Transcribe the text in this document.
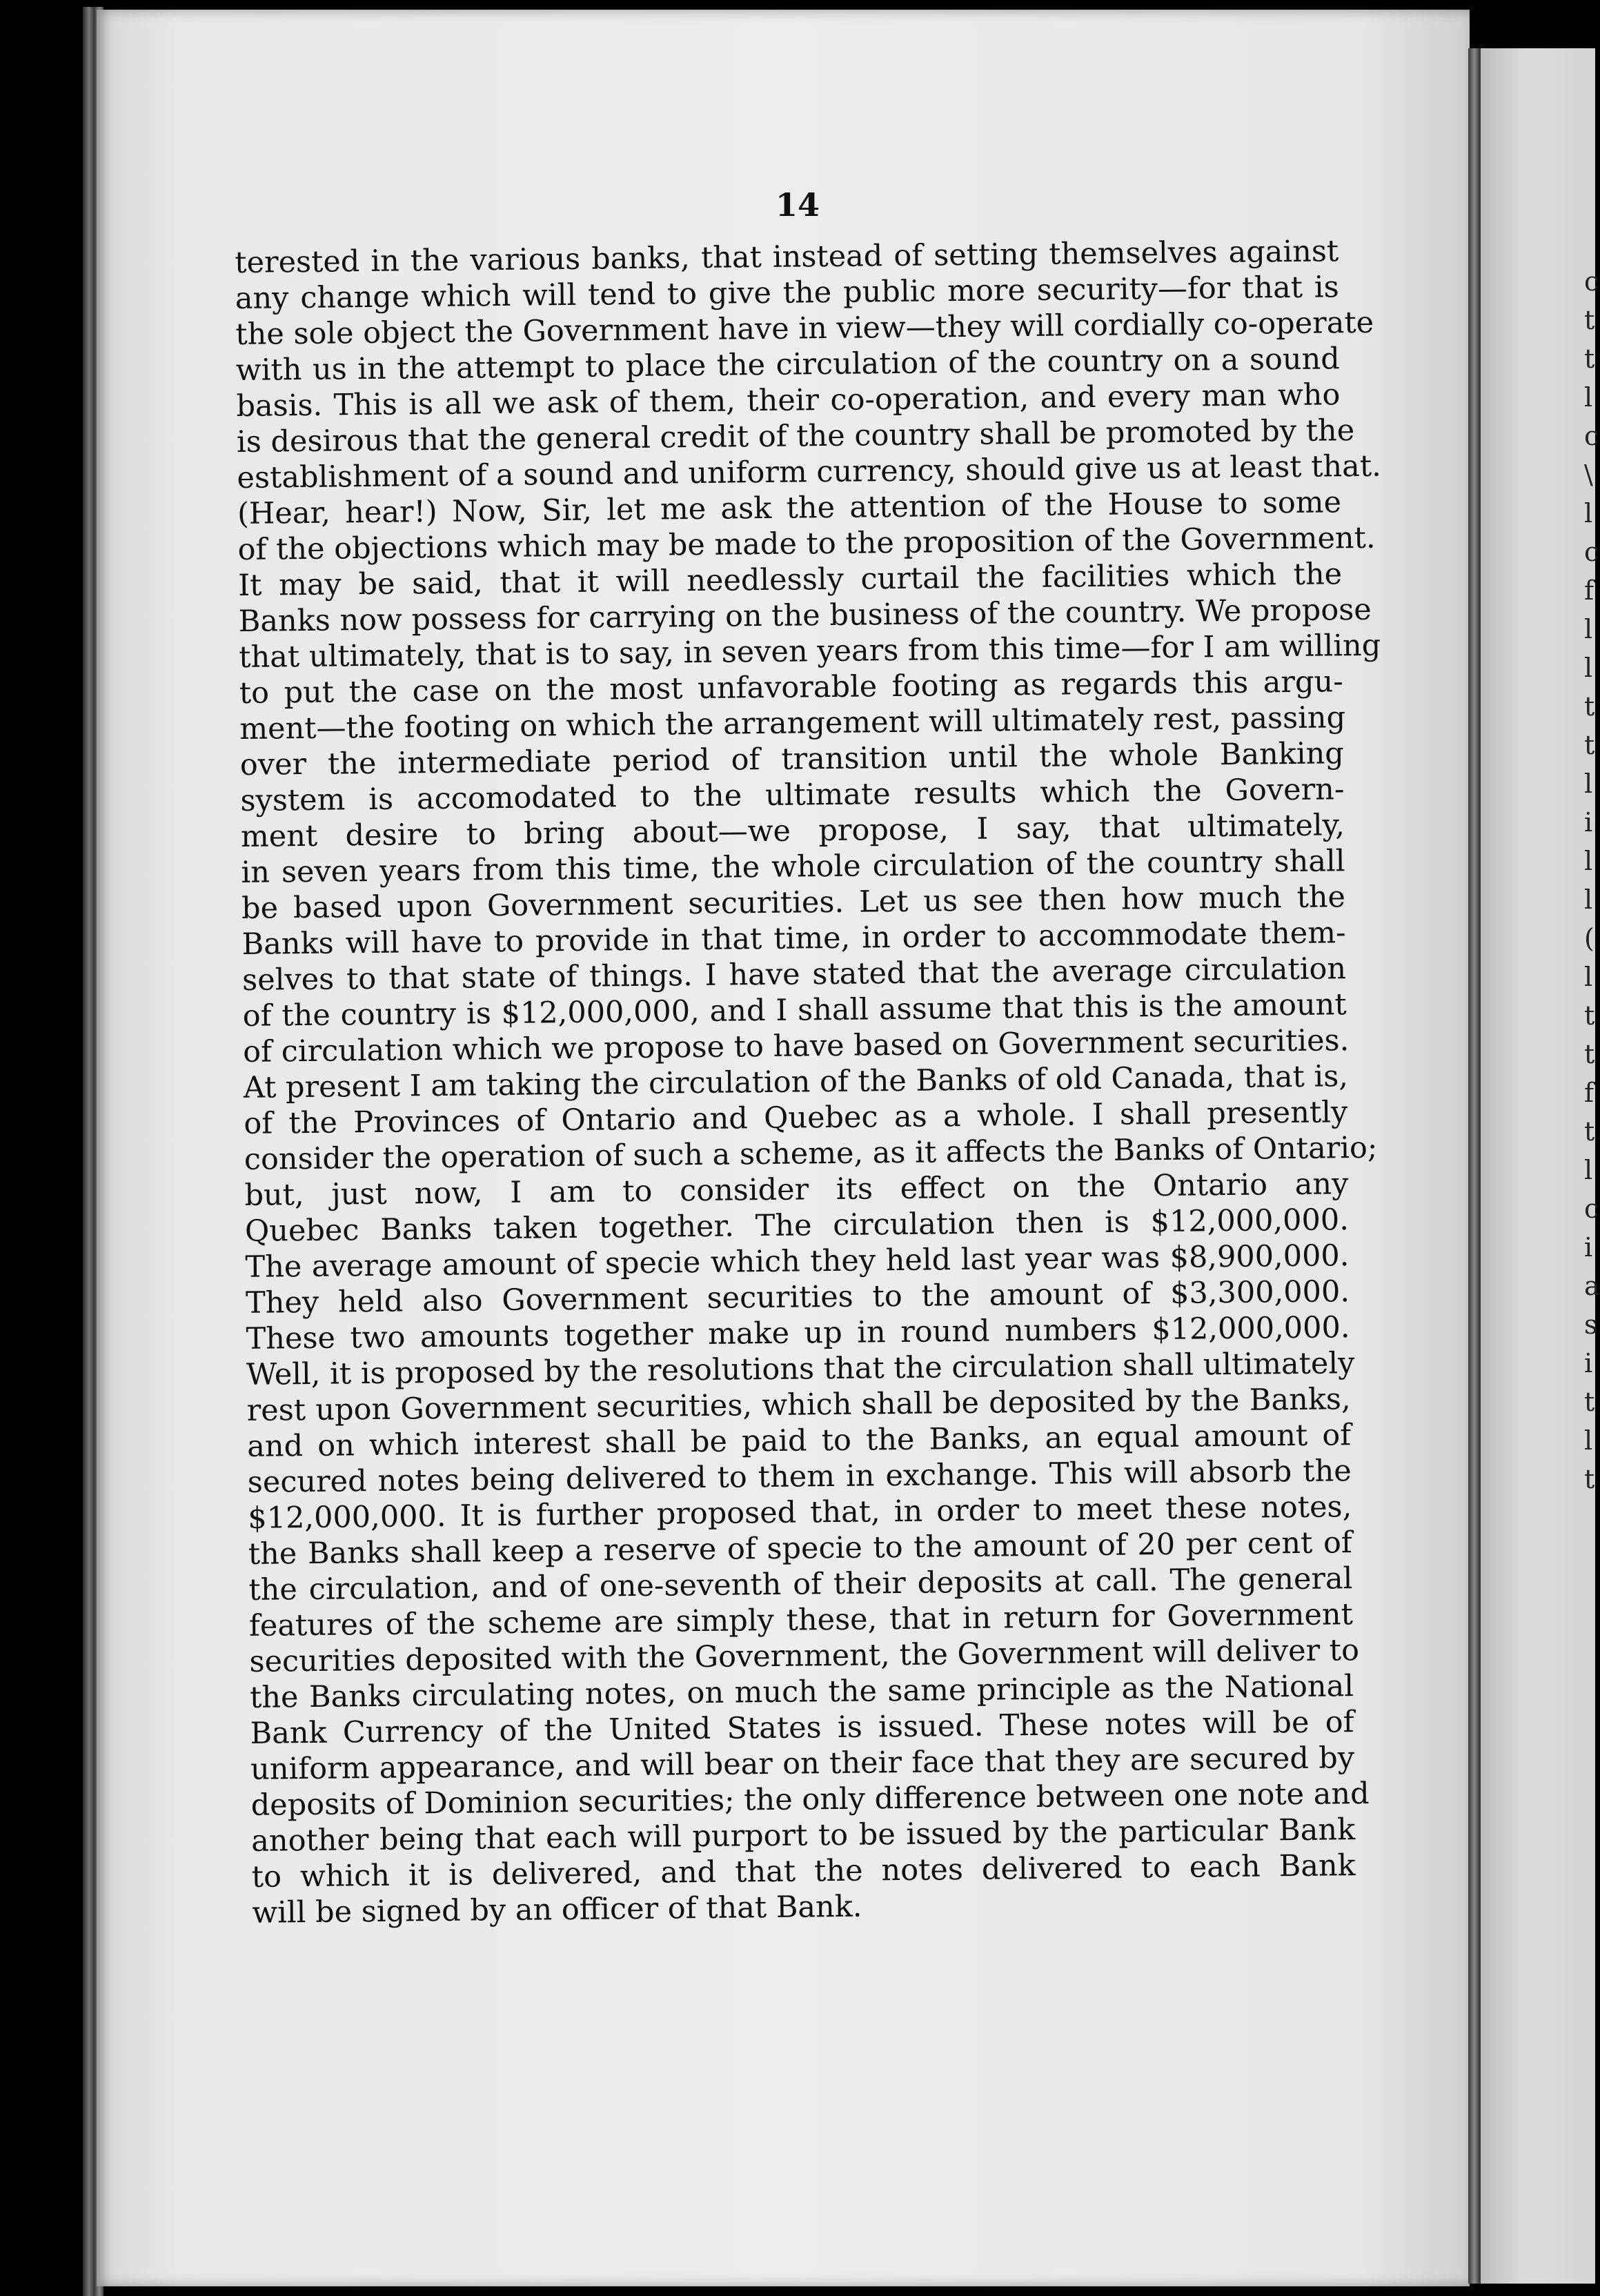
c
t
t
l
c
\
l
c
f
l
l
t
t
l
i
l
l
(
l
t
t
f
t
l
c
i
a
s
i
t
l
t
14
terested in the various banks, that instead of setting themselves against
any change which will tend to give the public more security—for that is
the sole object the Government have in view—they will cordially co-operate
with us in the attempt to place the circulation of the country on a sound
basis. This is all we ask of them, their co-operation, and every man who
is desirous that the general credit of the country shall be promoted by the
establishment of a sound and uniform currency, should give us at least that.
(Hear, hear!) Now, Sir, let me ask the attention of the House to some
of the objections which may be made to the proposition of the Government.
It may be said, that it will needlessly curtail the facilities which the
Banks now possess for carrying on the business of the country. We propose
that ultimately, that is to say, in seven years from this time—for I am willing
to put the case on the most unfavorable footing as regards this argu-
ment—the footing on which the arrangement will ultimately rest, passing
over the intermediate period of transition until the whole Banking
system is accomodated to the ultimate results which the Govern-
ment desire to bring about—we propose, I say, that ultimately,
in seven years from this time, the whole circulation of the country shall
be based upon Government securities. Let us see then how much the
Banks will have to provide in that time, in order to accommodate them-
selves to that state of things. I have stated that the average circulation
of the country is $12,000,000, and I shall assume that this is the amount
of circulation which we propose to have based on Government securities.
At present I am taking the circulation of the Banks of old Canada, that is,
of the Provinces of Ontario and Quebec as a whole. I shall presently
consider the operation of such a scheme, as it affects the Banks of Ontario;
but, just now, I am to consider its effect on the Ontario any
Quebec Banks taken together. The circulation then is $12,000,000.
The average amount of specie which they held last year was $8,900,000.
They held also Government securities to the amount of $3,300,000.
These two amounts together make up in round numbers $12,000,000.
Well, it is proposed by the resolutions that the circulation shall ultimately
rest upon Government securities, which shall be deposited by the Banks,
and on which interest shall be paid to the Banks, an equal amount of
secured notes being delivered to them in exchange. This will absorb the
$12,000,000. It is further proposed that, in order to meet these notes,
the Banks shall keep a reserve of specie to the amount of 20 per cent of
the circulation, and of one-seventh of their deposits at call. The general
features of the scheme are simply these, that in return for Government
securities deposited with the Government, the Government will deliver to
the Banks circulating notes, on much the same principle as the National
Bank Currency of the United States is issued. These notes will be of
uniform appearance, and will bear on their face that they are secured by
deposits of Dominion securities; the only difference between one note and
another being that each will purport to be issued by the particular Bank
to which it is delivered, and that the notes delivered to each Bank
will be signed by an officer of that Bank.
